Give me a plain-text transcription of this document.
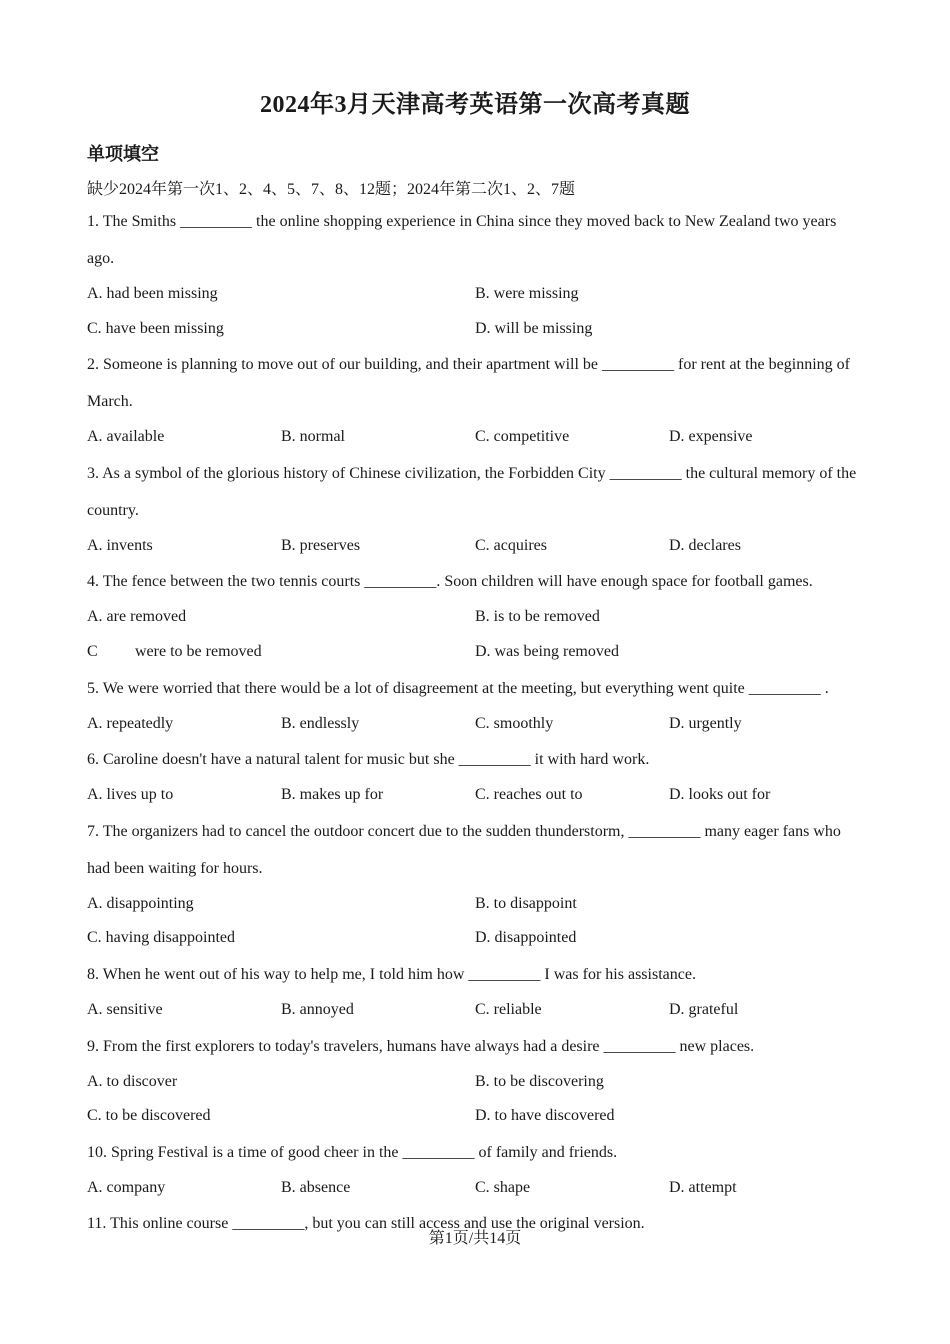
2024年3月天津高考英语第一次高考真题
单项填空
缺少2024年第一次1、2、4、5、7、8、12题；2024年第二次1、2、7题

1. The Smiths _________ the online shopping experience in China since they moved back to New Zealand two years ago.

A. had been missing	B. were missing
C. have been missing	D. will be missing

2. Someone is planning to move out of our building, and their apartment will be _________ for rent at the beginning of March.

A. available	B. normal	C. competitive	D. expensive

3. As a symbol of the glorious history of Chinese civilization, the Forbidden City _________ the cultural memory of the country.

A. invents	B. preserves	C. acquires	D. declares

4. The fence between the two tennis courts _________. Soon children will have enough space for football games.

A. are removed	B. is to be removed
C were to be removed	D. was being removed

5. We were worried that there would be a lot of disagreement at the meeting, but everything went quite _________ .

A. repeatedly	B. endlessly	C. smoothly	D. urgently

6. Caroline doesn't have a natural talent for music but she _________ it with hard work.

A. lives up to	B. makes up for	C. reaches out to	D. looks out for

7. The organizers had to cancel the outdoor concert due to the sudden thunderstorm, _________ many eager fans who had been waiting for hours.

A. disappointing	B. to disappoint
C. having disappointed	D. disappointed

8. When he went out of his way to help me, I told him how _________ I was for his assistance.

A. sensitive	B. annoyed	C. reliable	D. grateful

9. From the first explorers to today's travelers, humans have always had a desire _________ new places.

A. to discover	B. to be discovering
C. to be discovered	D. to have discovered

10. Spring Festival is a time of good cheer in the _________ of family and friends.

A. company	B. absence	C. shape	D. attempt

11. This online course _________, but you can still access and use the original version.

第1页/共14页
